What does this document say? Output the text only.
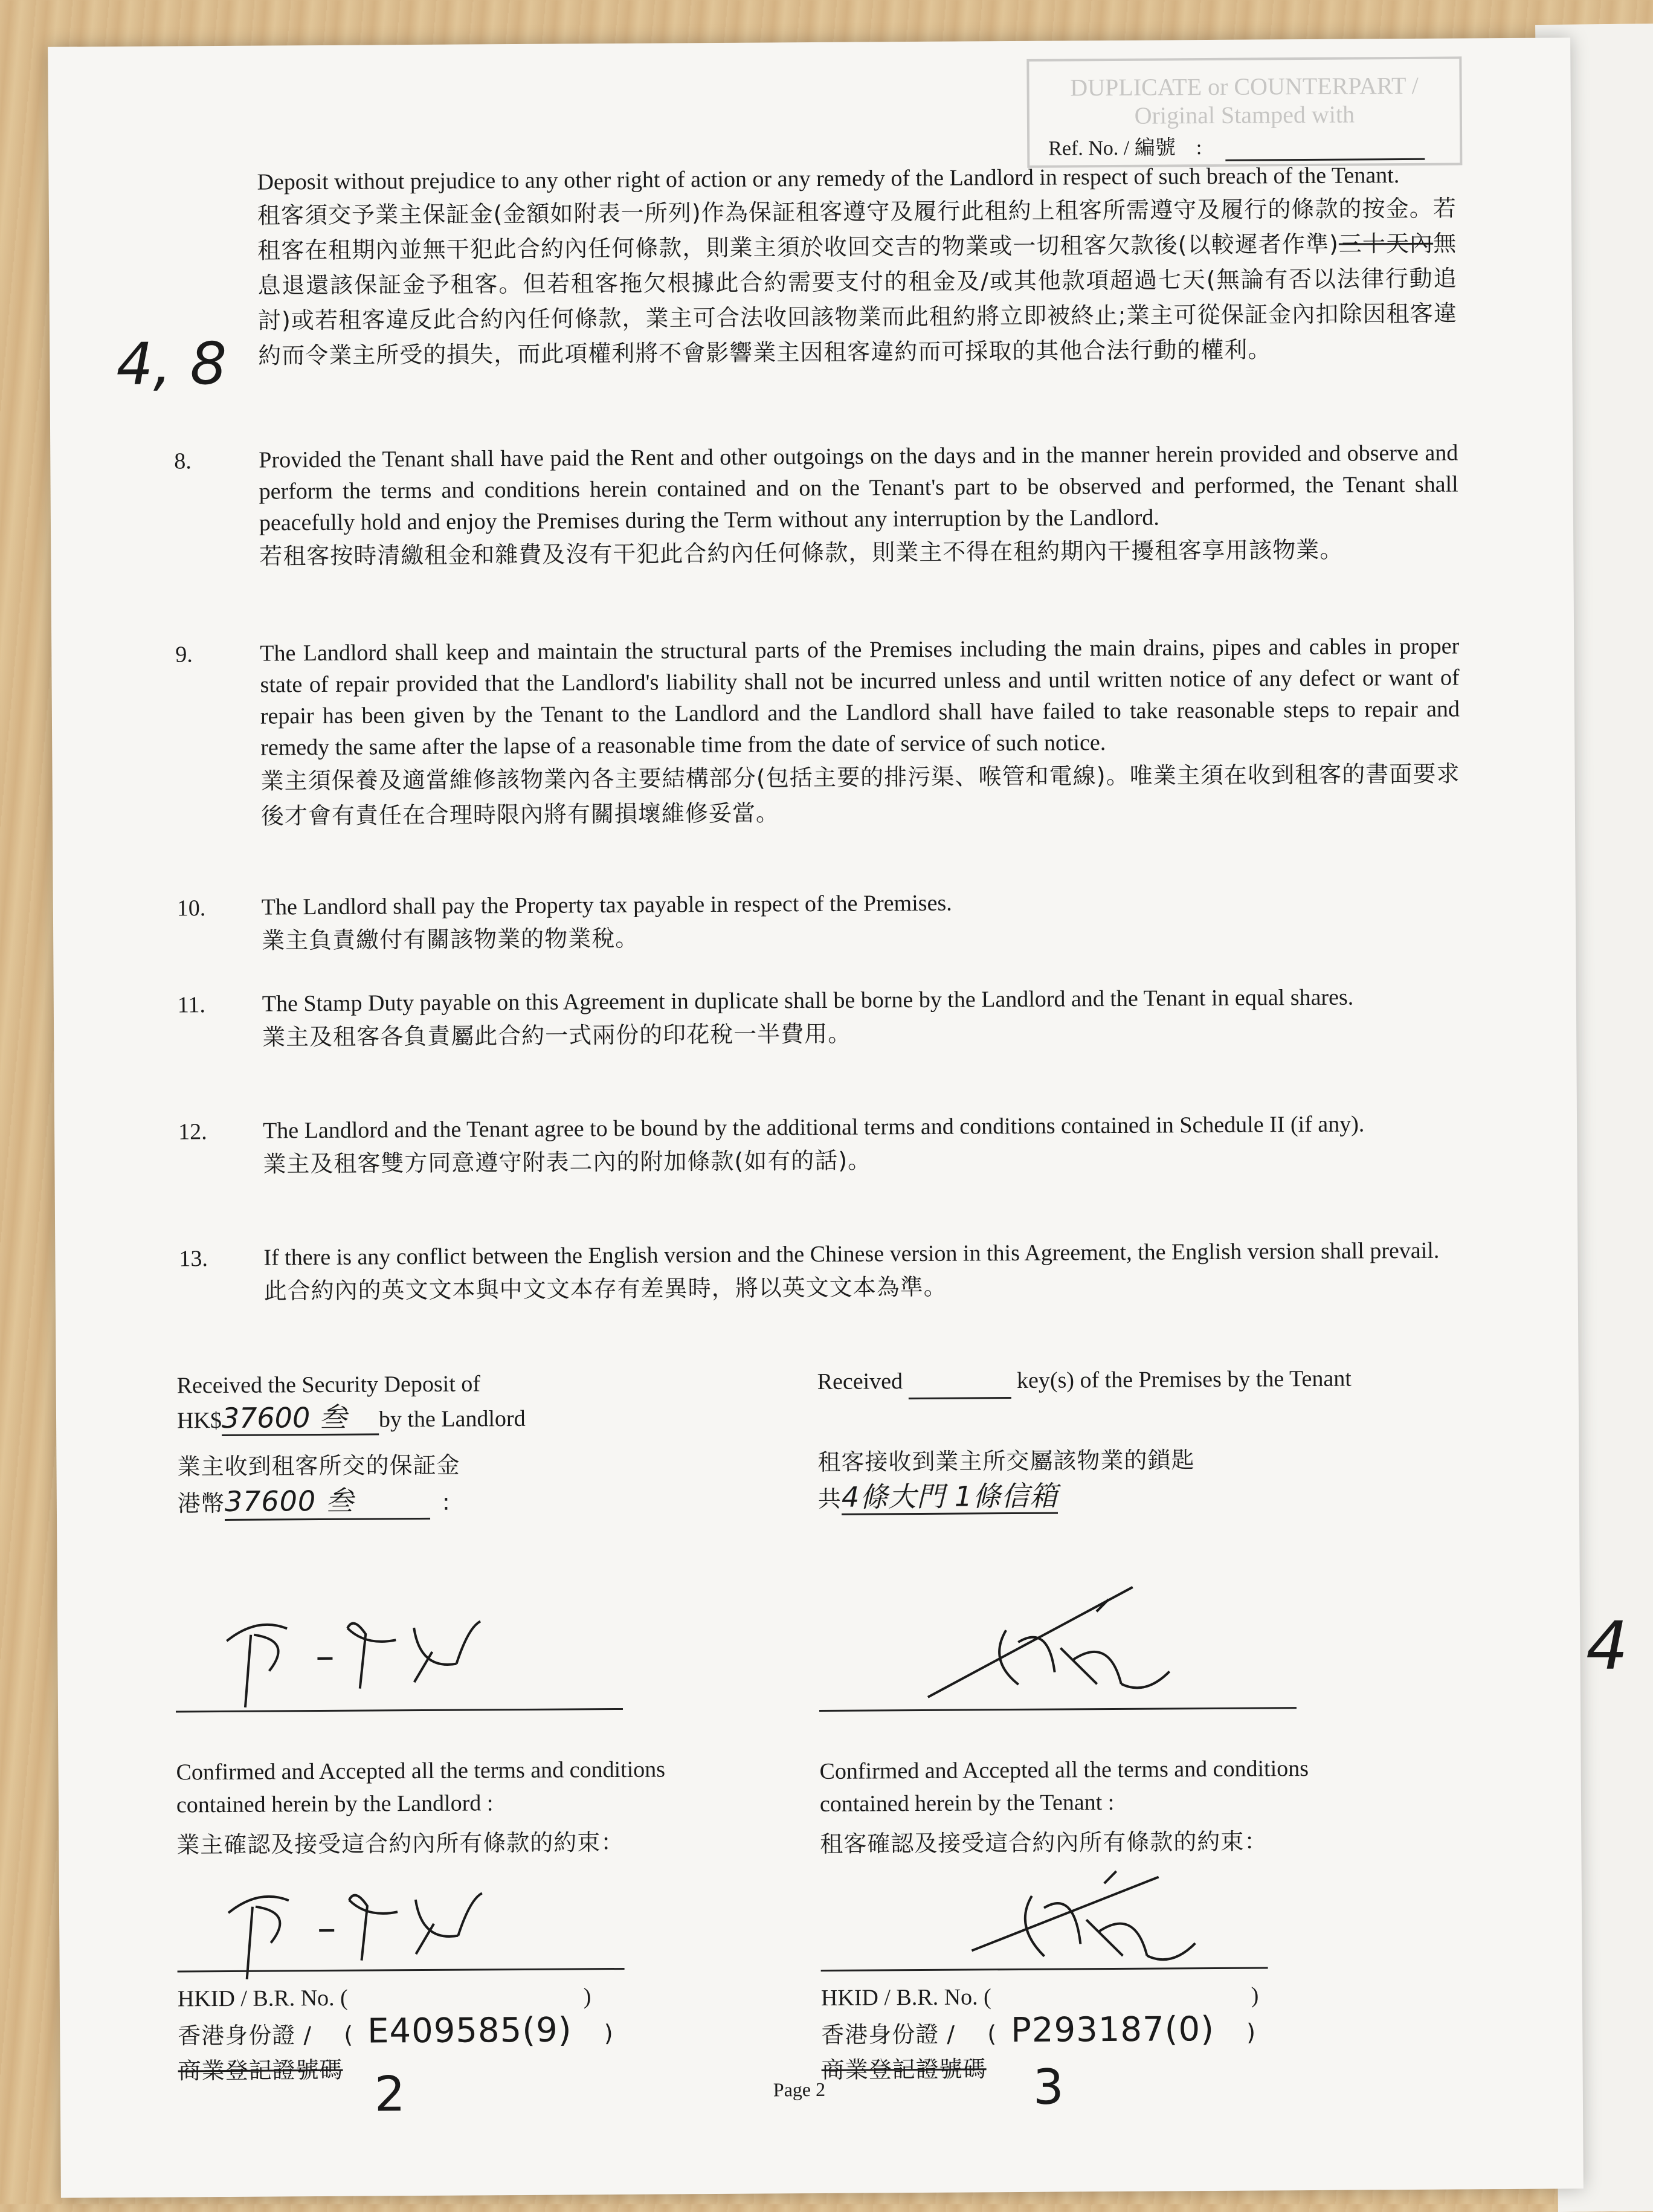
DUPLICATE or COUNTERPART / Original Stamped with
Ref. No. / 編號　:
Deposit without prejudice to any other right of action or any remedy of the Landlord in respect of such breach of the Tenant.
租客須交予業主保証金(金額如附表一所列)作為保証租客遵守及履行此租約上租客所需遵守及履行的條款的按金。若租客在租期內並無干犯此合約內任何條款，則業主須於收回交吉的物業或一切租客欠款後(以較遲者作準)三十天內無息退還該保証金予租客。但若租客拖欠根據此合約需要支付的租金及/或其他款項超過七天(無論有否以法律行動追討)或若租客違反此合約內任何條款，業主可合法收回該物業而此租約將立即被終止;業主可從保証金內扣除因租客違約而令業主所受的損失，而此項權利將不會影響業主因租客違約而可採取的其他合法行動的權利。
4, 8
8.	Provided the Tenant shall have paid the Rent and other outgoings on the days and in the manner herein provided and observe and perform the terms and conditions herein contained and on the Tenant's part to be observed and performed, the Tenant shall peacefully hold and enjoy the Premises during the Term without any interruption by the Landlord.
若租客按時清繳租金和雜費及沒有干犯此合約內任何條款，則業主不得在租約期內干擾租客享用該物業。
9.	The Landlord shall keep and maintain the structural parts of the Premises including the main drains, pipes and cables in proper state of repair provided that the Landlord's liability shall not be incurred unless and until written notice of any defect or want of repair has been given by the Tenant to the Landlord and the Landlord shall have failed to take reasonable steps to repair and remedy the same after the lapse of a reasonable time from the date of service of such notice.
業主須保養及適當維修該物業內各主要結構部分(包括主要的排污渠、喉管和電線)。唯業主須在收到租客的書面要求後才會有責任在合理時限內將有關損壞維修妥當。
10. The Landlord shall pay the Property tax payable in respect of the Premises.
業主負責繳付有關該物業的物業稅。
11. The Stamp Duty payable on this Agreement in duplicate shall be borne by the Landlord and the Tenant in equal shares.
業主及租客各負責屬此合約一式兩份的印花稅一半費用。
12. The Landlord and the Tenant agree to be bound by the additional terms and conditions contained in Schedule II (if any).
業主及租客雙方同意遵守附表二內的附加條款(如有的話)。
13. If there is any conflict between the English version and the Chinese version in this Agreement, the English version shall prevail.
此合約內的英文文本與中文文本存有差異時，將以英文文本為準。
Received the Security Deposit of
HK$37600 叁 by the Landlord
業主收到租客所交的保証金
港幣37600 叁	:
Confirmed and Accepted all the terms and conditions
contained herein by the Landlord :
業主確認及接受這合約內所有條款的約束：
HKID / B.R. No. (	)
香港身份證 / ( E409585(9) )
商業登記證號碼 2
Received	key(s) of the Premises by the Tenant
租客接收到業主所交屬該物業的鎖匙
共4條大門 1條信箱
Confirmed and Accepted all the terms and conditions
contained herein by the Tenant :
租客確認及接受這合約內所有條款的約束：
HKID / B.R. No. (	)
香港身份證 / ( P293187(0) )
商業登記證號碼 3
Page 2
4
